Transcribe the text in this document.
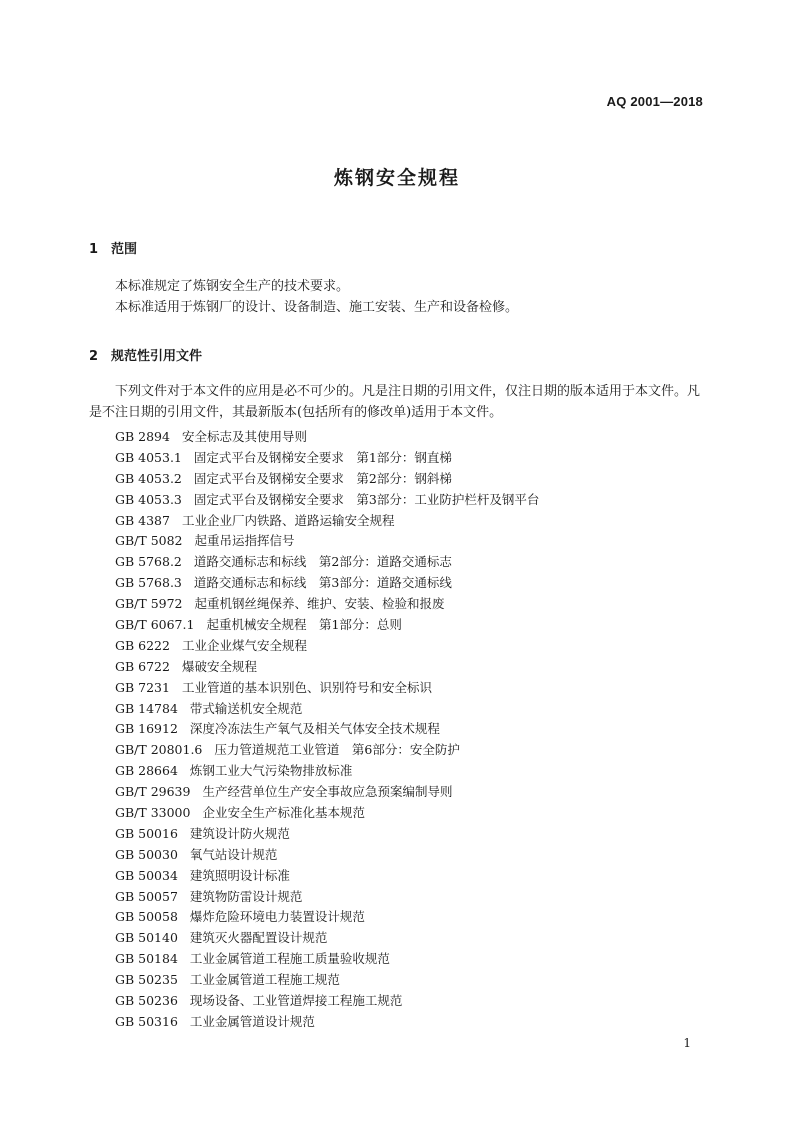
AQ 2001—2018
炼钢安全规程
1 范围
本标准规定了炼钢安全生产的技术要求。
本标准适用于炼钢厂的设计、设备制造、施工安装、生产和设备检修。
2 规范性引用文件
下列文件对于本文件的应用是必不可少的。凡是注日期的引用文件，仅注日期的版本适用于本文件。凡是不注日期的引用文件，其最新版本(包括所有的修改单)适用于本文件。
GB 2894 安全标志及其使用导则
GB 4053.1 固定式平台及钢梯安全要求　第1部分：钢直梯
GB 4053.2 固定式平台及钢梯安全要求　第2部分：钢斜梯
GB 4053.3 固定式平台及钢梯安全要求　第3部分：工业防护栏杆及钢平台
GB 4387 工业企业厂内铁路、道路运输安全规程
GB/T 5082 起重吊运指挥信号
GB 5768.2 道路交通标志和标线　第2部分：道路交通标志
GB 5768.3 道路交通标志和标线　第3部分：道路交通标线
GB/T 5972 起重机钢丝绳保养、维护、安装、检验和报废
GB/T 6067.1 起重机械安全规程　第1部分：总则
GB 6222 工业企业煤气安全规程
GB 6722 爆破安全规程
GB 7231 工业管道的基本识别色、识别符号和安全标识
GB 14784 带式输送机安全规范
GB 16912 深度冷冻法生产氧气及相关气体安全技术规程
GB/T 20801.6 压力管道规范工业管道　第6部分：安全防护
GB 28664 炼钢工业大气污染物排放标准
GB/T 29639 生产经营单位生产安全事故应急预案编制导则
GB/T 33000 企业安全生产标准化基本规范
GB 50016 建筑设计防火规范
GB 50030 氧气站设计规范
GB 50034 建筑照明设计标准
GB 50057 建筑物防雷设计规范
GB 50058 爆炸危险环境电力装置设计规范
GB 50140 建筑灭火器配置设计规范
GB 50184 工业金属管道工程施工质量验收规范
GB 50235 工业金属管道工程施工规范
GB 50236 现场设备、工业管道焊接工程施工规范
GB 50316 工业金属管道设计规范
1
